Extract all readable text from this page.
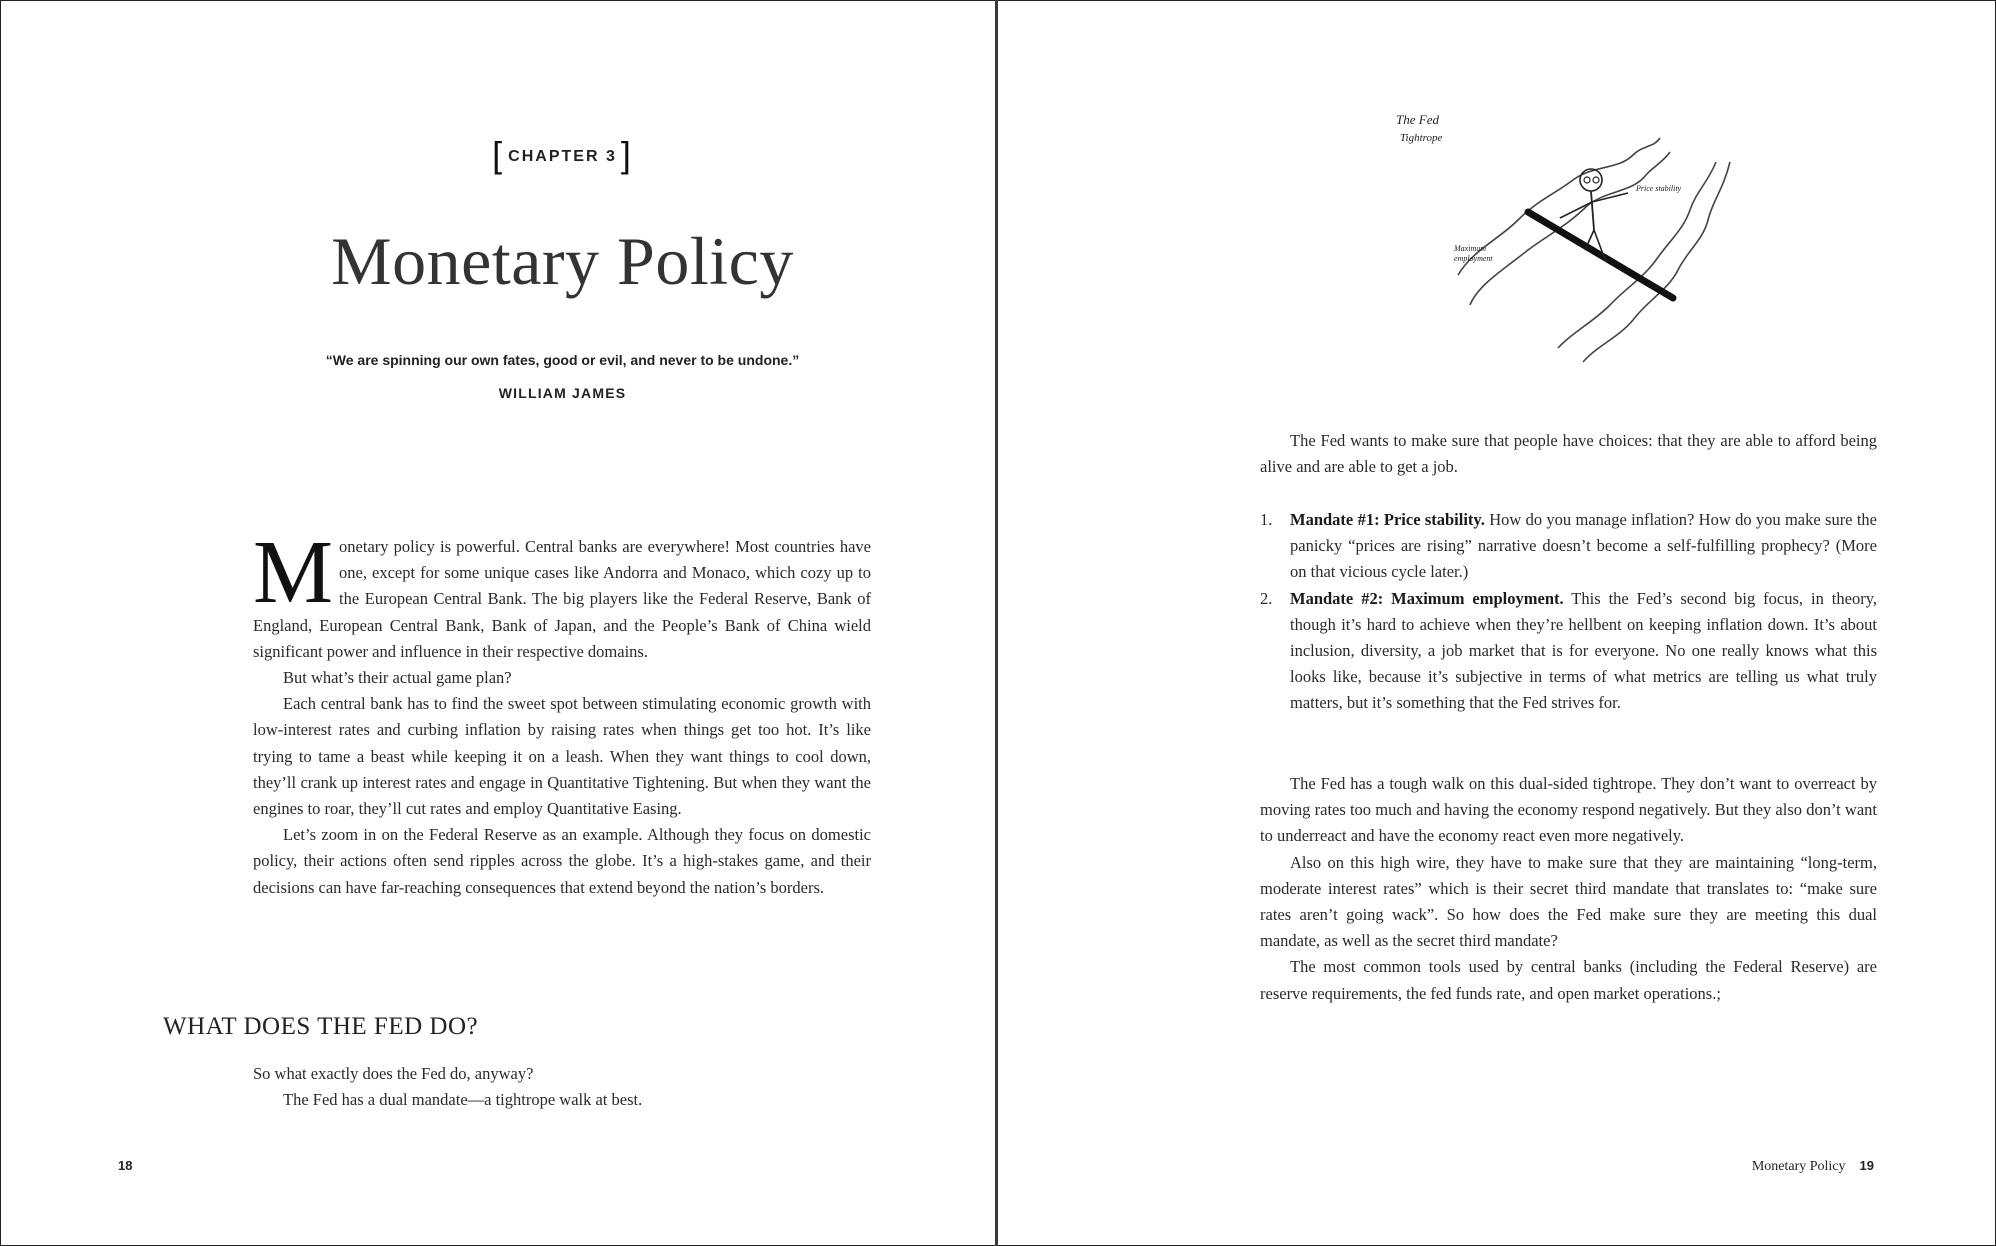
[ CHAPTER 3 ]
Monetary Policy
“We are spinning our own fates, good or evil, and never to be undone.”
WILLIAM JAMES

Monetary policy is powerful. Central banks are everywhere! Most countries have one, except for some unique cases like Andorra and Monaco, which cozy up to the European Central Bank. The big players like the Federal Reserve, Bank of England, European Central Bank, Bank of Japan, and the People’s Bank of China wield significant power and influence in their respective domains.

But what’s their actual game plan?

Each central bank has to find the sweet spot between stimulating economic growth with low-interest rates and curbing inflation by raising rates when things get too hot. It’s like trying to tame a beast while keeping it on a leash. When they want things to cool down, they’ll crank up interest rates and engage in Quantitative Tightening. But when they want the engines to roar, they’ll cut rates and employ Quantitative Easing.

Let’s zoom in on the Federal Reserve as an example. Although they focus on domestic policy, their actions often send ripples across the globe. It’s a high-stakes game, and their decisions can have far-reaching consequences that extend beyond the nation’s borders.

WHAT DOES THE FED DO?

So what exactly does the Fed do, anyway?

The Fed has a dual mandate—a tightrope walk at best.

18
The Fed
Tightrope
Price stability
Maximum employment

The Fed wants to make sure that people have choices: that they are able to afford being alive and are able to get a job.

1. Mandate #1: Price stability. How do you manage inflation? How do you make sure the panicky “prices are rising” narrative doesn’t become a self-fulfilling prophecy? (More on that vicious cycle later.)
2. Mandate #2: Maximum employment. This the Fed’s second big focus, in theory, though it’s hard to achieve when they’re hellbent on keeping inflation down. It’s about inclusion, diversity, a job market that is for everyone. No one really knows what this looks like, because it’s subjective in terms of what metrics are telling us what truly matters, but it’s something that the Fed strives for.

The Fed has a tough walk on this dual-sided tightrope. They don’t want to overreact by moving rates too much and having the economy respond negatively. But they also don’t want to underreact and have the economy react even more negatively.

Also on this high wire, they have to make sure that they are maintaining “long-term, moderate interest rates” which is their secret third mandate that translates to: “make sure rates aren’t going wack”. So how does the Fed make sure they are meeting this dual mandate, as well as the secret third mandate?

The most common tools used by central banks (including the Federal Reserve) are reserve requirements, the fed funds rate, and open market operations.;

Monetary Policy 19
